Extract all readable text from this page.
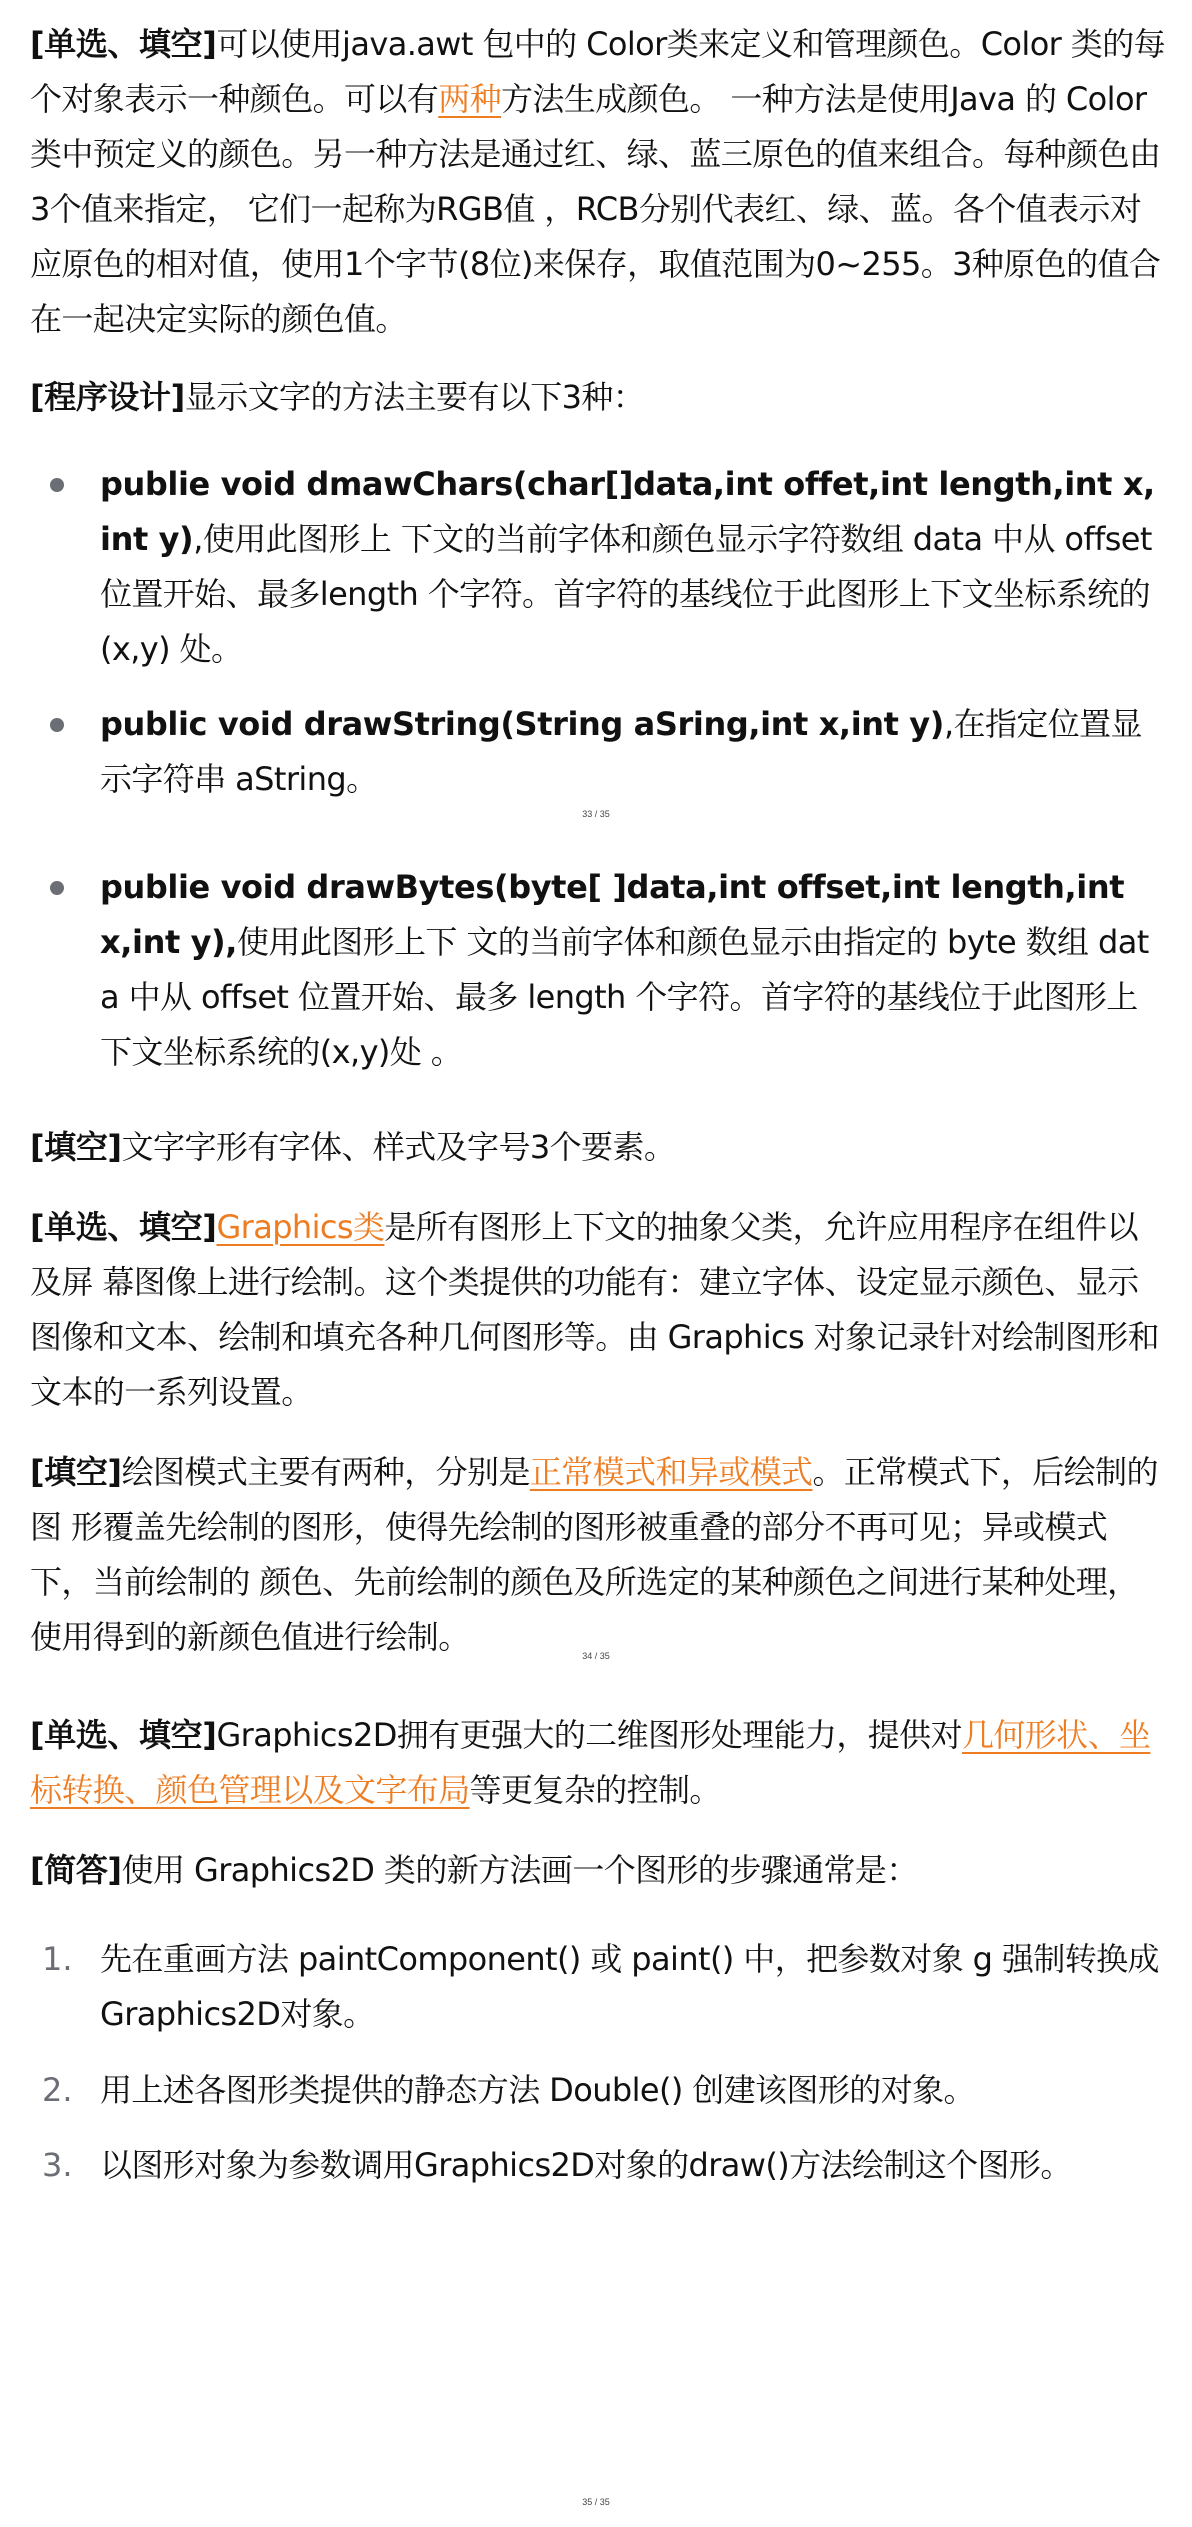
[单选、填空]可以使用java.awt 包中的 Color类来定义和管理颜色。Color 类的每个对象表示一种颜色。可以有两种方法生成颜色。 一种方法是使用Java 的 Color 类中预定义的颜色。另一种方法是通过红、绿、蓝三原色的值来组合。每种颜色由3个值来指定， 它们一起称为RGB值 ，RCB分别代表红、绿、蓝。各个值表示对应原色的相对值，使用1个字节(8位)来保存，取值范围为0~255。3种原色的值合在一起决定实际的颜色值。

[程序设计]显示文字的方法主要有以下3种：

publie void dmawChars(char[]data,int offet,int length,int x,int y),使用此图形上 下文的当前字体和颜色显示字符数组 data 中从 offset 位置开始、最多length 个字符。首字符的基线位于此图形上下文坐标系统的(x,y) 处。

public void drawString(String aSring,int x,int y),在指定位置显示字符串 aString。

33 / 35

publie void drawBytes(byte[ ]data,int offset,int length,int x,int y),使用此图形上下 文的当前字体和颜色显示由指定的 byte 数组 data 中从 offset 位置开始、最多 length 个字符。首字符的基线位于此图形上下文坐标系统的(x,y)处 。

[填空]文字字形有字体、样式及字号3个要素。

[单选、填空]Graphics类是所有图形上下文的抽象父类，允许应用程序在组件以及屏 幕图像上进行绘制。这个类提供的功能有：建立字体、设定显示颜色、显示图像和文本、绘制和填充各种几何图形等。由 Graphics 对象记录针对绘制图形和文本的一系列设置。

[填空]绘图模式主要有两种，分别是正常模式和异或模式。正常模式下，后绘制的图 形覆盖先绘制的图形，使得先绘制的图形被重叠的部分不再可见；异或模式下，当前绘制的 颜色、先前绘制的颜色及所选定的某种颜色之间进行某种处理，使用得到的新颜色值进行绘制。	34 / 35

[单选、填空]Graphics2D拥有更强大的二维图形处理能力，提供对几何形状、坐标转换、颜色管理以及文字布局等更复杂的控制。

[简答]使用 Graphics2D 类的新方法画一个图形的步骤通常是：

1. 先在重画方法 paintComponent() 或 paint() 中，把参数对象 g 强制转换成Graphics2D对象。

2. 用上述各图形类提供的静态方法 Double() 创建该图形的对象。

3. 以图形对象为参数调用Graphics2D对象的draw()方法绘制这个图形。

35 / 35
